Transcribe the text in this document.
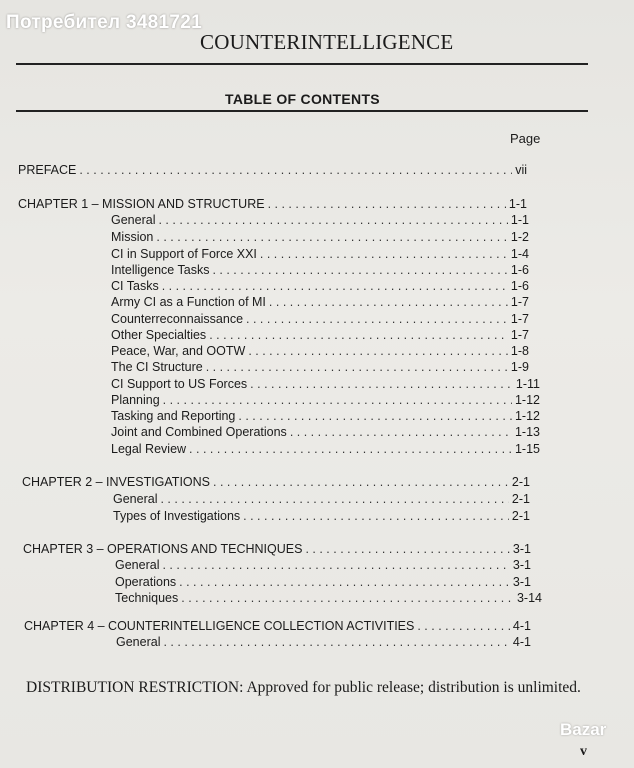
Потребител 3481721
COUNTERINTELLIGENCE
TABLE OF CONTENTS
Page
PREFACE . . .	vii
CHAPTER 1 – MISSION AND STRUCTURE . . .	1-1
General . . .	1-1
Mission . . .	1-2
CI in Support of Force XXI . . .	1-4
Intelligence Tasks . . .	1-6
CI Tasks . . .	1-6
Army CI as a Function of MI . . .	1-7
Counterreconnaissance . . .	1-7
Other Specialties . . .	1-7
Peace, War, and OOTW . . .	1-8
The CI Structure . . .	1-9
CI Support to US Forces . . .	1-11
Planning . . .	1-12
Tasking and Reporting . . .	1-12
Joint and Combined Operations . . .	1-13
Legal Review . . .	1-15
CHAPTER 2 – INVESTIGATIONS . . .	2-1
General . . .	2-1
Types of Investigations . . .	2-1
CHAPTER 3 – OPERATIONS AND TECHNIQUES . . .	3-1
General . . .	3-1
Operations . . .	3-1
Techniques . . .	3-14
CHAPTER 4 – COUNTERINTELLIGENCE COLLECTION ACTIVITIES . . .	4-1
General . . .	4-1
DISTRIBUTION RESTRICTION: Approved for public release; distribution is unlimited.
Bazar
v
